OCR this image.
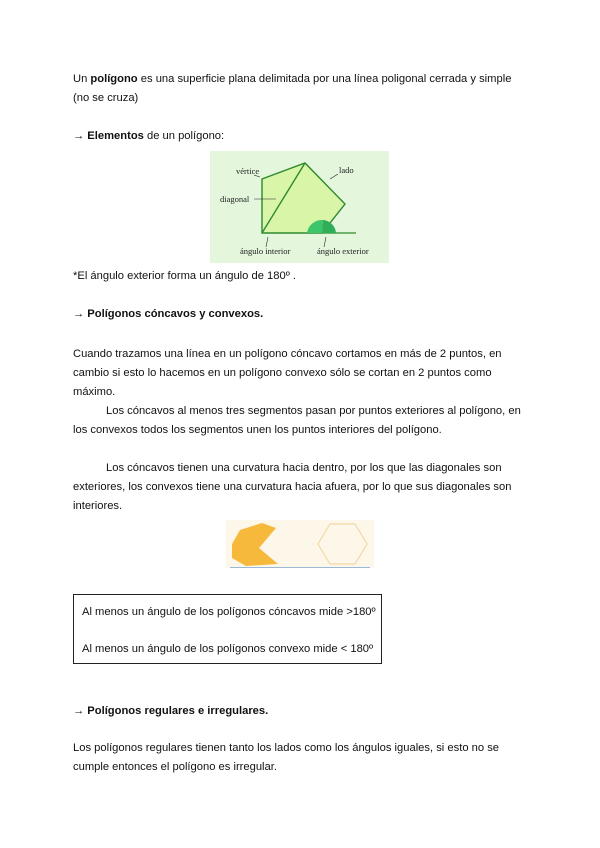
Un polígono es una superficie plana delimitada por una línea poligonal cerrada y simple (no se cruza)

→ Elementos de un polígono:

vértice	lado
diagonal
ángulo interior	ángulo exterior

*El ángulo exterior forma un ángulo de 180º .

→ Polígonos cóncavos y convexos.

Cuando trazamos una línea en un polígono cóncavo cortamos en más de 2 puntos, en cambio si esto lo hacemos en un polígono convexo sólo se cortan en 2 puntos como máximo.

Los cóncavos al menos tres segmentos pasan por puntos exteriores al polígono, en los convexos todos los segmentos unen los puntos interiores del polígono.

Los cóncavos tienen una curvatura hacia dentro, por los que las diagonales son exteriores, los convexos tiene una curvatura hacia afuera, por lo que sus diagonales son interiores.

Al menos un ángulo de los polígonos cóncavos mide >180º
Al menos un ángulo de los polígonos convexo mide < 180º

→ Polígonos regulares e irregulares.

Los polígonos regulares tienen tanto los lados como los ángulos iguales, si esto no se cumple entonces el polígono es irregular.
